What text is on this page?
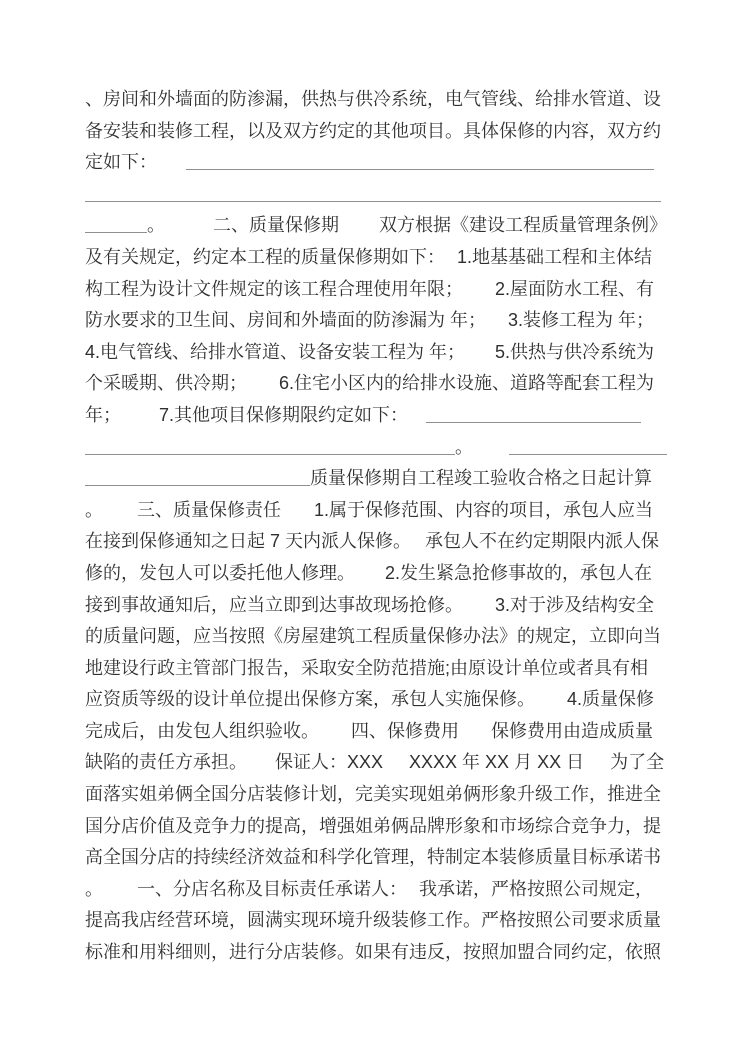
、房间和外墙面的防渗漏，供热与供冷系统，电气管线、给排水管道、设
备安装和装修工程，以及双方约定的其他项目。具体保修的内容，双方约
定如下：
。	二、质量保修期 双方根据《建设工程质量管理条例》
及有关规定，约定本工程的质量保修期如下： 1.地基基础工程和主体结
构工程为设计文件规定的该工程合理使用年限； 2.屋面防水工程、有
防水要求的卫生间、房间和外墙面的防渗漏为 年； 3.装修工程为 年；
4.电气管线、给排水管道、设备安装工程为 年； 5.供热与供冷系统为
个采暖期、供冷期； 6.住宅小区内的给排水设施、道路等配套工程为
年； 7.其他项目保修期限约定如下：
。
质量保修期自工程竣工验收合格之日起计算
。 三、质量保修责任 1.属于保修范围、内容的项目，承包人应当
在接到保修通知之日起 7 天内派人保修。 承包人不在约定期限内派人保
修的，发包人可以委托他人修理。 2.发生紧急抢修事故的，承包人在
接到事故通知后，应当立即到达事故现场抢修。 3.对于涉及结构安全
的质量问题，应当按照《房屋建筑工程质量保修办法》的规定，立即向当
地建设行政主管部门报告，采取安全防范措施;由原设计单位或者具有相
应资质等级的设计单位提出保修方案，承包人实施保修。 4.质量保修
完成后，由发包人组织验收。 四、保修费用 保修费用由造成质量
缺陷的责任方承担。 保证人：XXX XXXX 年 XX 月 XX 日 为了全
面落实姐弟俩全国分店装修计划，完美实现姐弟俩形象升级工作，推进全
国分店价值及竞争力的提高，增强姐弟俩品牌形象和市场综合竞争力，提
高全国分店的持续经济效益和科学化管理，特制定本装修质量目标承诺书
。 一、分店名称及目标责任承诺人： 我承诺，严格按照公司规定，
提高我店经营环境，圆满实现环境升级装修工作。严格按照公司要求质量
标准和用料细则，进行分店装修。如果有违反，按照加盟合同约定，依照
